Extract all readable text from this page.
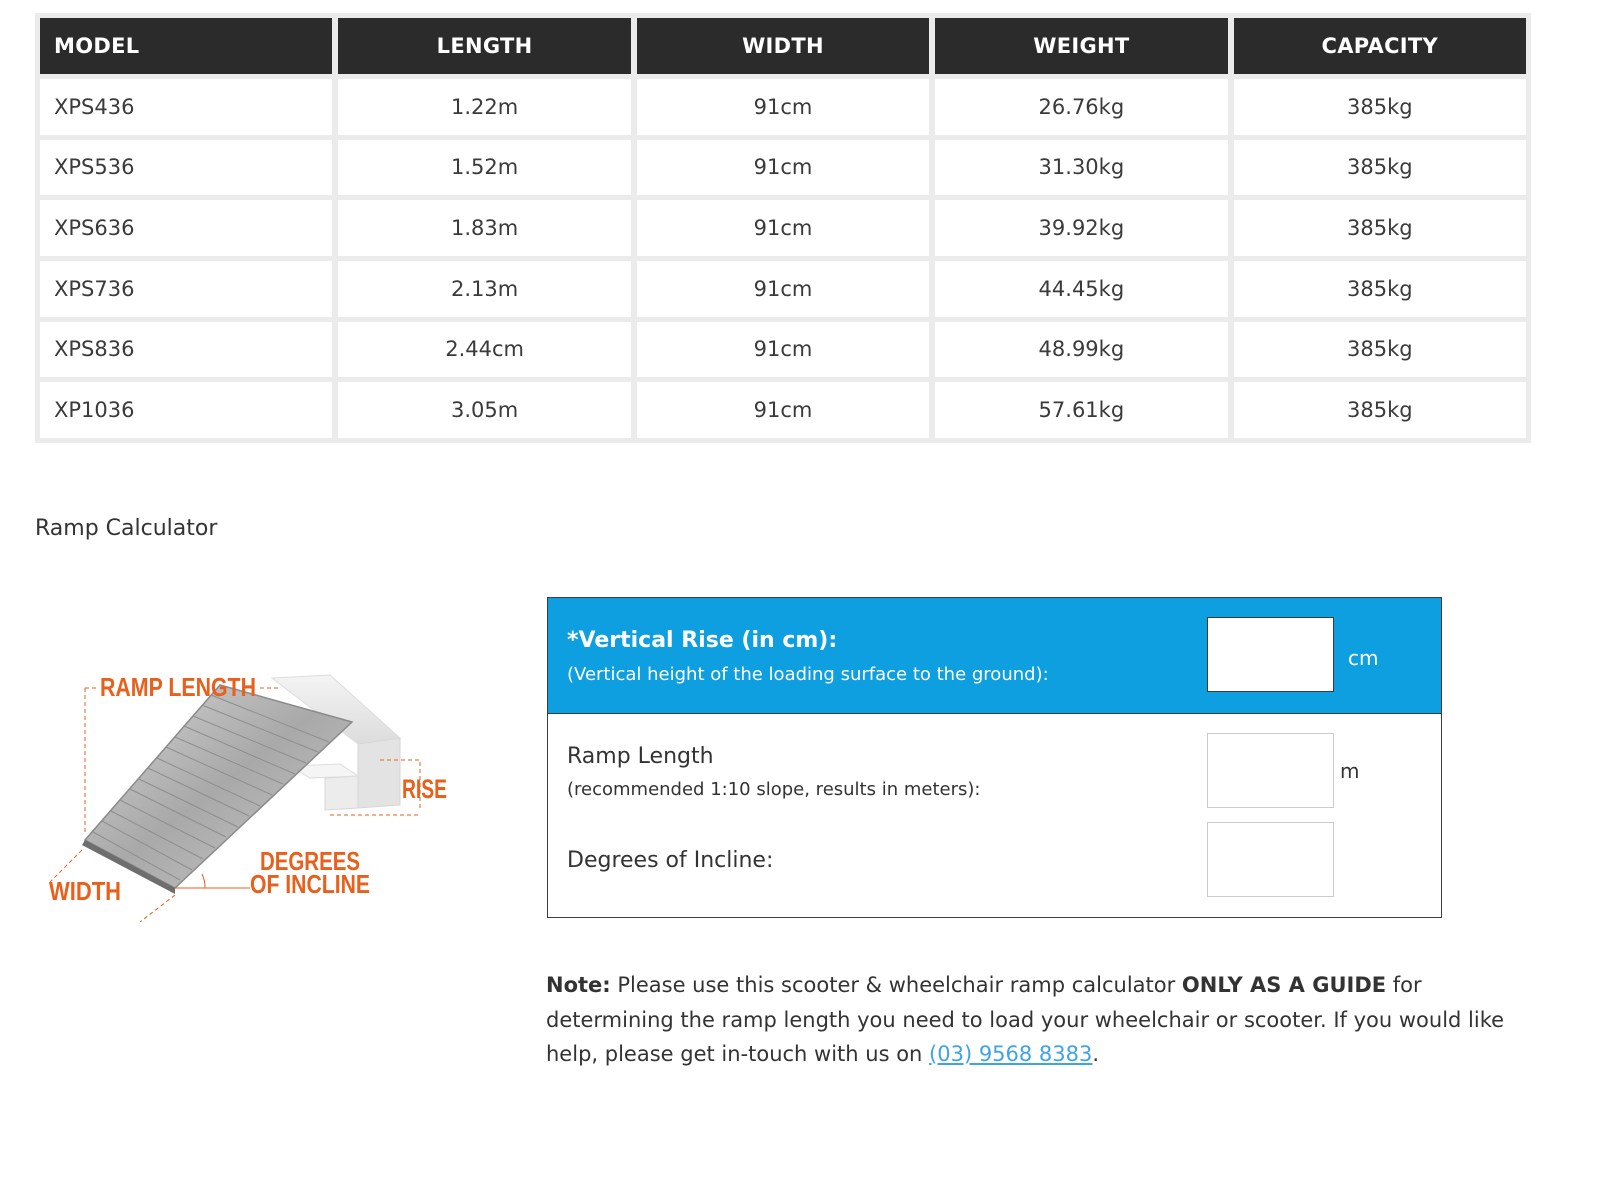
MODEL	LENGTH	WIDTH	WEIGHT	CAPACITY
XPS436	1.22m	91cm	26.76kg	385kg
XPS536	1.52m	91cm	31.30kg	385kg
XPS636	1.83m	91cm	39.92kg	385kg
XPS736	2.13m	91cm	44.45kg	385kg
XPS836	2.44cm	91cm	48.99kg	385kg
XP1036	3.05m	91cm	57.61kg	385kg
Ramp Calculator
RAMP LENGTH
RISE
WIDTH
DEGREES
OF INCLINE
*Vertical Rise (in cm):
(Vertical height of the loading surface to the ground):
cm
Ramp Length
(recommended 1:10 slope, results in meters):
m
Degrees of Incline:

Note: Please use this scooter & wheelchair ramp calculator ONLY AS A GUIDE for determining the ramp length you need to load your wheelchair or scooter. If you would like help, please get in-touch with us on (03) 9568 8383.
